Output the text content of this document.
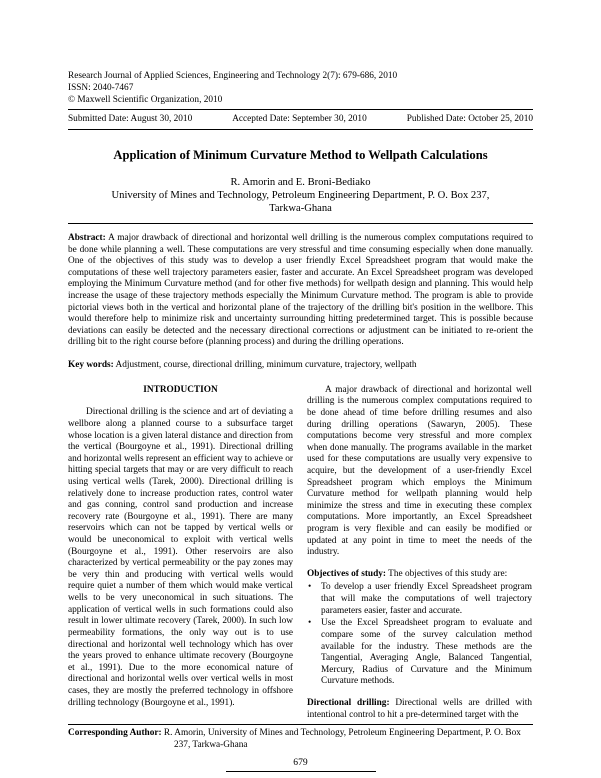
Research Journal of Applied Sciences, Engineering and Technology 2(7): 679-686, 2010
ISSN: 2040-7467
© Maxwell Scientific Organization, 2010
Submitted Date: August 30, 2010	Accepted Date: September 30, 2010	Published Date: October 25, 2010
Application of Minimum Curvature Method to Wellpath Calculations
R. Amorin and E. Broni-Bediako
University of Mines and Technology, Petroleum Engineering Department, P. O. Box 237,
Tarkwa-Ghana
Abstract: A major drawback of directional and horizontal well drilling is the numerous complex computations required to be done while planning a well. These computations are very stressful and time consuming especially when done manually. One of the objectives of this study was to develop a user friendly Excel Spreadsheet program that would make the computations of these well trajectory parameters easier, faster and accurate. An Excel Spreadsheet program was developed employing the Minimum Curvature method (and for other five methods) for wellpath design and planning. This would help increase the usage of these trajectory methods especially the Minimum Curvature method. The program is able to provide pictorial views both in the vertical and horizontal plane of the trajectory of the drilling bit's position in the wellbore. This would therefore help to minimize risk and uncertainty surrounding hitting predetermined target. This is possible because deviations can easily be detected and the necessary directional corrections or adjustment can be initiated to re-orient the drilling bit to the right course before (planning process) and during the drilling operations.
Key words: Adjustment, course, directional drilling, minimum curvature, trajectory, wellpath
INTRODUCTION

Directional drilling is the science and art of deviating a wellbore along a planned course to a subsurface target whose location is a given lateral distance and direction from the vertical (Bourgoyne et al., 1991). Directional drilling and horizontal wells represent an efficient way to achieve or hitting special targets that may or are very difficult to reach using vertical wells (Tarek, 2000). Directional drilling is relatively done to increase production rates, control water and gas conning, control sand production and increase recovery rate (Bourgoyne et al., 1991). There are many reservoirs which can not be tapped by vertical wells or would be uneconomical to exploit with vertical wells (Bourgoyne et al., 1991). Other reservoirs are also characterized by vertical permeability or the pay zones may be very thin and producing with vertical wells would require quiet a number of them which would make vertical wells to be very uneconomical in such situations. The application of vertical wells in such formations could also result in lower ultimate recovery (Tarek, 2000). In such low permeability formations, the only way out is to use directional and horizontal well technology which has over the years proved to enhance ultimate recovery (Bourgoyne et al., 1991). Due to the more economical nature of directional and horizontal wells over vertical wells in most cases, they are mostly the preferred technology in offshore drilling technology (Bourgoyne et al., 1991).

A major drawback of directional and horizontal well drilling is the numerous complex computations required to be done ahead of time before drilling resumes and also during drilling operations (Sawaryn, 2005). These computations become very stressful and more complex when done manually. The programs available in the market used for these computations are usually very expensive to acquire, but the development of a user-friendly Excel Spreadsheet program which employs the Minimum Curvature method for wellpath planning would help minimize the stress and time in executing these complex computations. More importantly, an Excel Spreadsheet program is very flexible and can easily be modified or updated at any point in time to meet the needs of the industry.

Objectives of study: The objectives of this study are:

• To develop a user friendly Excel Spreadsheet program that will make the computations of well trajectory parameters easier, faster and accurate.
• Use the Excel Spreadsheet program to evaluate and compare some of the survey calculation method available for the industry. These methods are the Tangential, Averaging Angle, Balanced Tangential, Mercury, Radius of Curvature and the Minimum Curvature methods.

Directional drilling: Directional wells are drilled with intentional control to hit a pre-determined target with the

Corresponding Author: R. Amorin, University of Mines and Technology, Petroleum Engineering Department, P. O. Box 237, Tarkwa-Ghana
679
